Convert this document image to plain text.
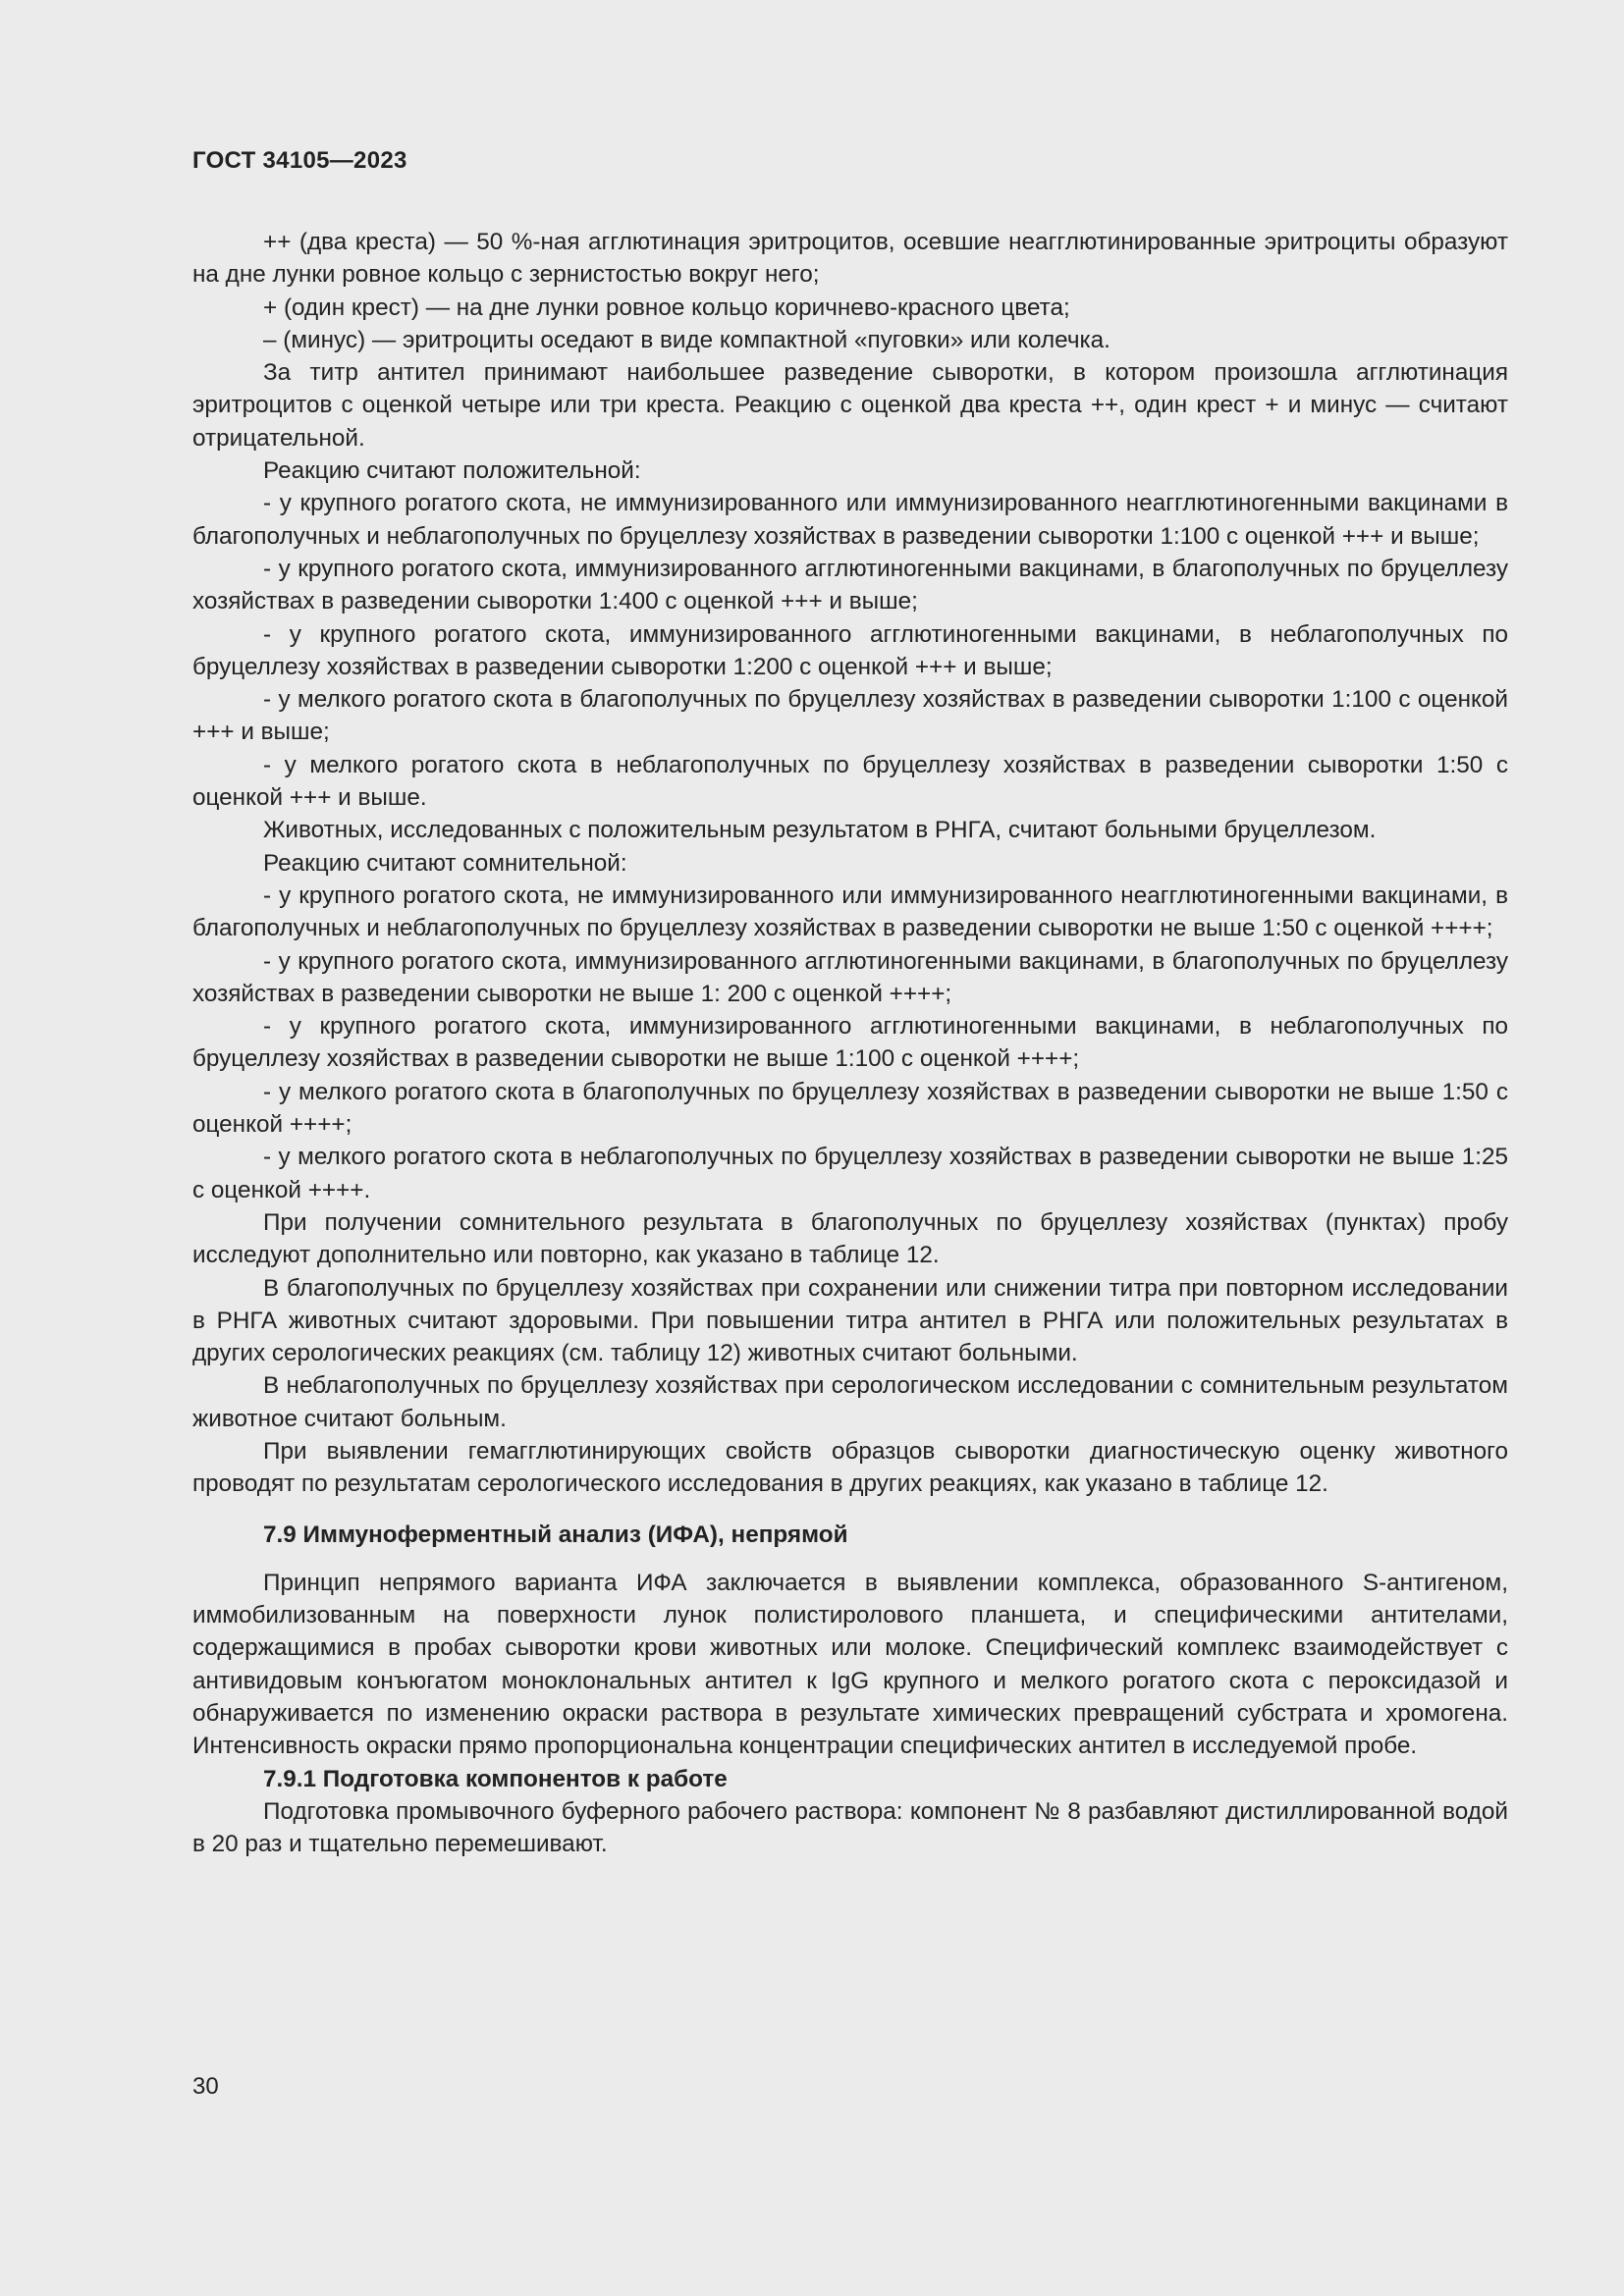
ГОСТ 34105—2023

++ (два креста) — 50 %-ная агглютинация эритроцитов, осевшие неагглютинированные эритроциты образуют на дне лунки ровное кольцо с зернистостью вокруг него;

+ (один крест) — на дне лунки ровное кольцо коричнево-красного цвета;

– (минус) — эритроциты оседают в виде компактной «пуговки» или колечка.

За титр антител принимают наибольшее разведение сыворотки, в котором произошла агглютинация эритроцитов с оценкой четыре или три креста. Реакцию с оценкой два креста ++, один крест + и минус — считают отрицательной.

Реакцию считают положительной:

- у крупного рогатого скота, не иммунизированного или иммунизированного неагглютиногенными вакцинами в благополучных и неблагополучных по бруцеллезу хозяйствах в разведении сыворотки 1:100 с оценкой +++ и выше;

- у крупного рогатого скота, иммунизированного агглютиногенными вакцинами, в благополучных по бруцеллезу хозяйствах в разведении сыворотки 1:400 с оценкой +++ и выше;

- у крупного рогатого скота, иммунизированного агглютиногенными вакцинами, в неблагополучных по бруцеллезу хозяйствах в разведении сыворотки 1:200 с оценкой +++ и выше;

- у мелкого рогатого скота в благополучных по бруцеллезу хозяйствах в разведении сыворотки 1:100 с оценкой +++ и выше;

- у мелкого рогатого скота в неблагополучных по бруцеллезу хозяйствах в разведении сыворотки 1:50 с оценкой +++ и выше.

Животных, исследованных с положительным результатом в РНГА, считают больными бруцеллезом.

Реакцию считают сомнительной:

- у крупного рогатого скота, не иммунизированного или иммунизированного неагглютиногенными вакцинами, в благополучных и неблагополучных по бруцеллезу хозяйствах в разведении сыворотки не выше 1:50 с оценкой ++++;

- у крупного рогатого скота, иммунизированного агглютиногенными вакцинами, в благополучных по бруцеллезу хозяйствах в разведении сыворотки не выше 1: 200 с оценкой ++++;

- у крупного рогатого скота, иммунизированного агглютиногенными вакцинами, в неблагополучных по бруцеллезу хозяйствах в разведении сыворотки не выше 1:100 с оценкой ++++;

- у мелкого рогатого скота в благополучных по бруцеллезу хозяйствах в разведении сыворотки не выше 1:50 с оценкой ++++;

- у мелкого рогатого скота в неблагополучных по бруцеллезу хозяйствах в разведении сыворотки не выше 1:25 с оценкой ++++.

При получении сомнительного результата в благополучных по бруцеллезу хозяйствах (пунктах) пробу исследуют дополнительно или повторно, как указано в таблице 12.

В благополучных по бруцеллезу хозяйствах при сохранении или снижении титра при повторном исследовании в РНГА животных считают здоровыми. При повышении титра антител в РНГА или положительных результатах в других серологических реакциях (см. таблицу 12) животных считают больными.

В неблагополучных по бруцеллезу хозяйствах при серологическом исследовании с сомнительным результатом животное считают больным.

При выявлении гемагглютинирующих свойств образцов сыворотки диагностическую оценку животного проводят по результатам серологического исследования в других реакциях, как указано в таблице 12.

7.9 Иммуноферментный анализ (ИФА), непрямой

Принцип непрямого варианта ИФА заключается в выявлении комплекса, образованного S-антигеном, иммобилизованным на поверхности лунок полистиролового планшета, и специфическими антителами, содержащимися в пробах сыворотки крови животных или молоке. Специфический комплекс взаимодействует с антивидовым конъюгатом моноклональных антител к IgG крупного и мелкого рогатого скота с пероксидазой и обнаруживается по изменению окраски раствора в результате химических превращений субстрата и хромогена. Интенсивность окраски прямо пропорциональна концентрации специфических антител в исследуемой пробе.

7.9.1 Подготовка компонентов к работе

Подготовка промывочного буферного рабочего раствора: компонент № 8 разбавляют дистиллированной водой в 20 раз и тщательно перемешивают.

30
